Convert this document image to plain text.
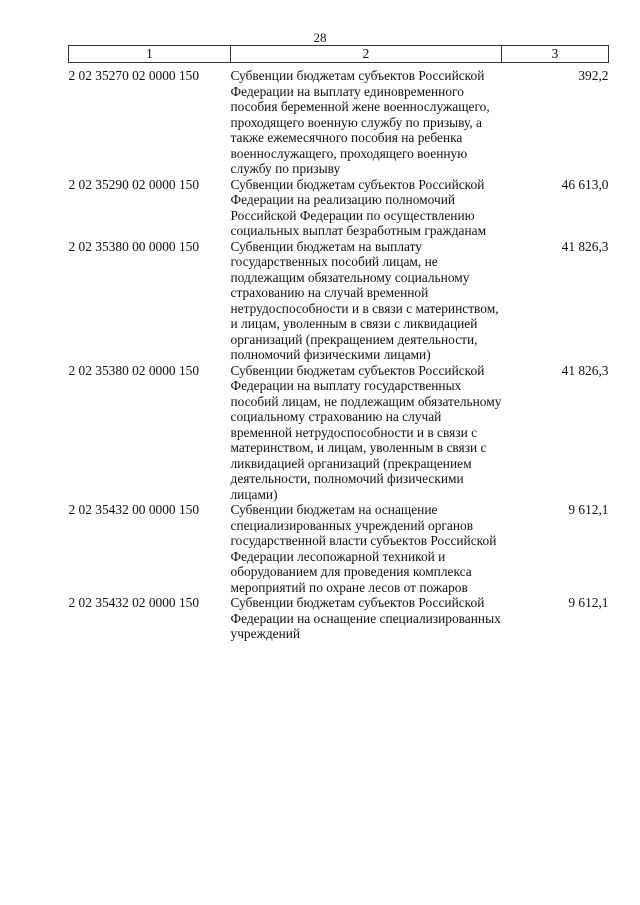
28
1	2	3
2 02 35270 02 0000 150	Субвенции бюджетам субъектов Российской Федерации на выплату единовременного пособия беременной жене военнослужащего, проходящего военную службу по призыву, а также ежемесячного пособия на ребенка военнослужащего, проходящего военную службу по призыву	392,2
2 02 35290 02 0000 150	Субвенции бюджетам субъектов Российской Федерации на реализацию полномочий Российской Федерации по осуществлению социальных выплат безработным гражданам	46 613,0
2 02 35380 00 0000 150	Субвенции бюджетам на выплату государственных пособий лицам, не подлежащим обязательному социальному страхованию на случай временной нетрудоспособности и в связи с материнством, и лицам, уволенным в связи с ликвидацией организаций (прекращением деятельности, полномочий физическими лицами)	41 826,3
2 02 35380 02 0000 150	Субвенции бюджетам субъектов Российской Федерации на выплату государственных пособий лицам, не подлежащим обязательному социальному страхованию на случай временной нетрудоспособности и в связи с материнством, и лицам, уволенным в связи с ликвидацией организаций (прекращением деятельности, полномочий физическими лицами)	41 826,3
2 02 35432 00 0000 150	Субвенции бюджетам на оснащение специализированных учреждений органов государственной власти субъектов Российской Федерации лесопожарной техникой и оборудованием для проведения комплекса мероприятий по охране лесов от пожаров	9 612,1
2 02 35432 02 0000 150	Субвенции бюджетам субъектов Российской Федерации на оснащение специализированных учреждений	9 612,1
